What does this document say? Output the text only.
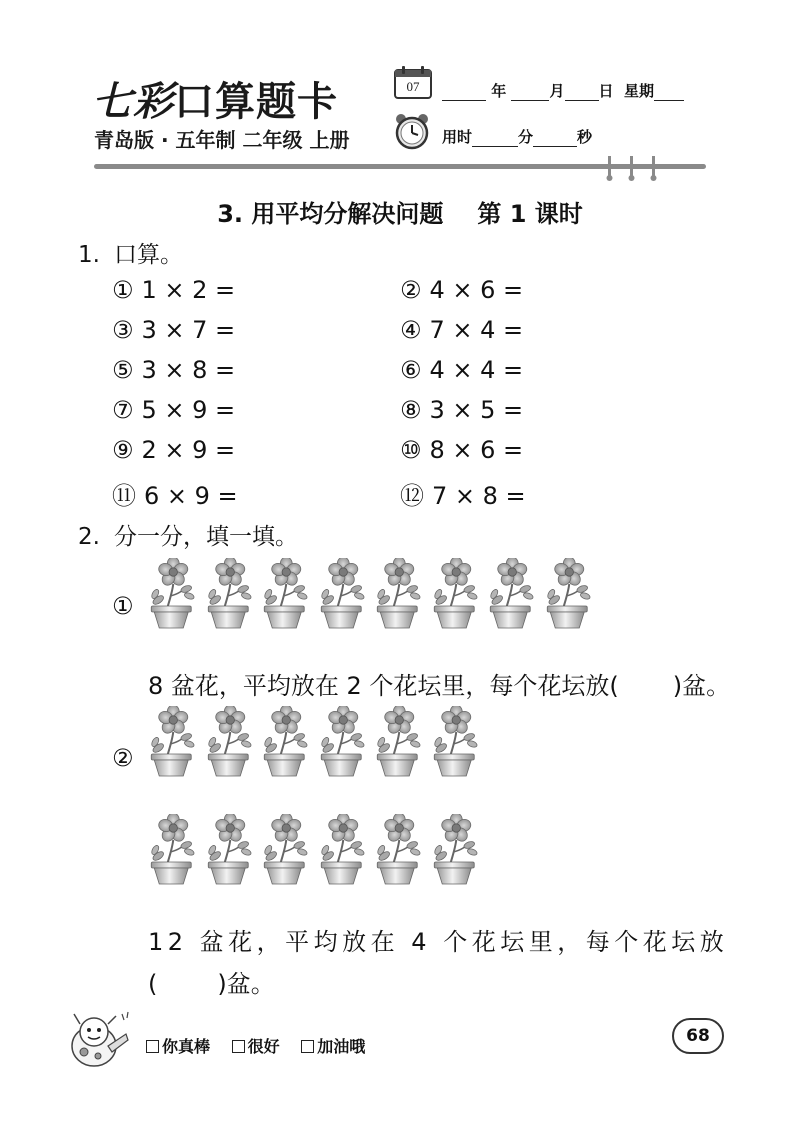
七彩口算题卡
青岛版 · 五年制 二年级 上册
07	年	月 日 星期
用时	分	秒
3. 用平均分解决问题 第 1 课时
1. 口算。
① 1 × 2 =	② 4 × 6 =
③ 3 × 7 =	④ 7 × 4 =
⑤ 3 × 8 =	⑥ 4 × 4 =
⑦ 5 × 9 =	⑧ 3 × 5 =
⑨ 2 × 9 =	⑩ 8 × 6 =
⑪ 6 × 9 =	⑫ 7 × 8 =
2. 分一分，填一填。
①
8 盆花，平均放在 2 个花坛里，每个花坛放( )盆。
②
12 盆花，平均放在 4 个花坛里，每个花坛放
(	)盆。
你真棒 很好 加油哦
68
